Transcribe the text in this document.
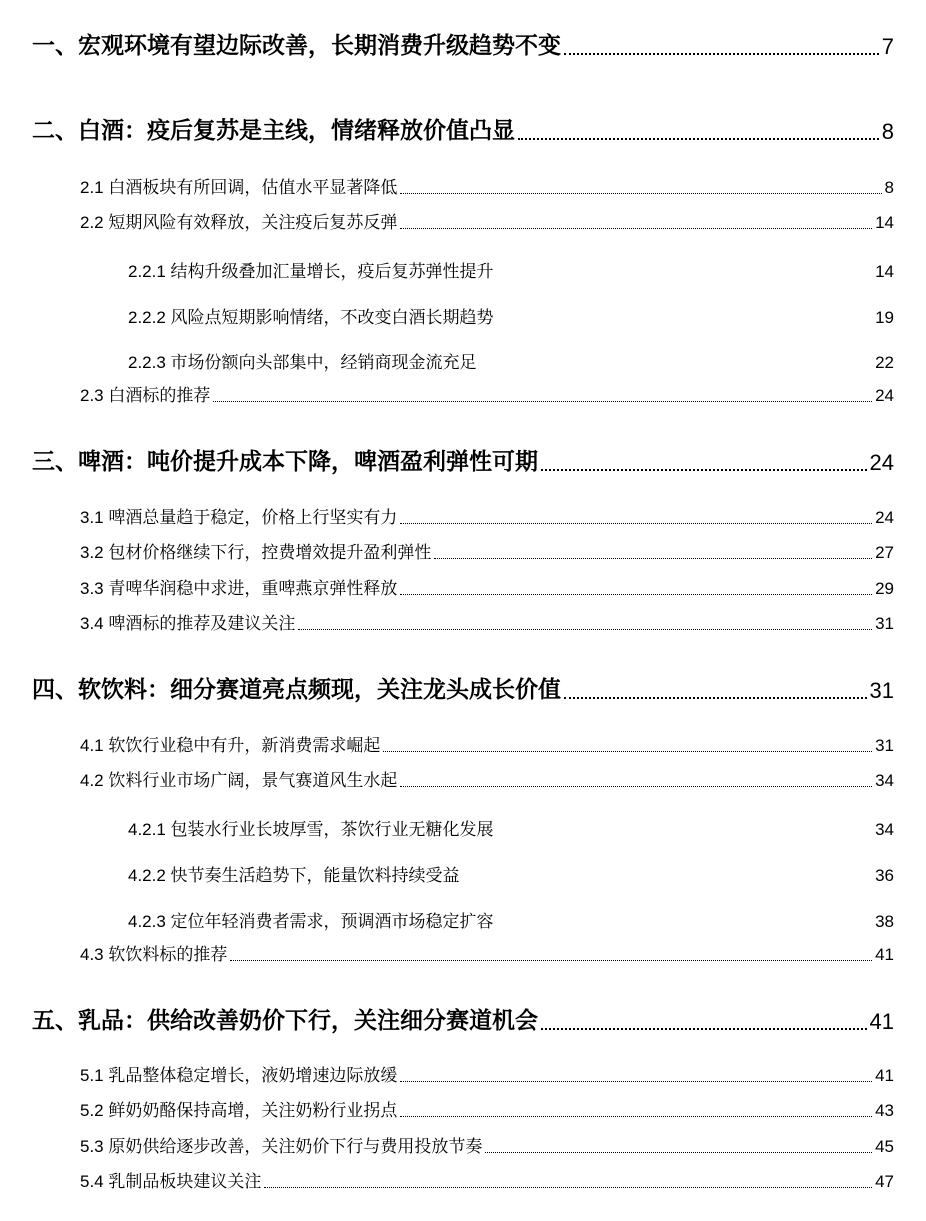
一、宏观环境有望边际改善，长期消费升级趋势不变	7
二、白酒：疫后复苏是主线，情绪释放价值凸显	8
2.1 白酒板块有所回调，估值水平显著降低	8
2.2 短期风险有效释放，关注疫后复苏反弹	14
2.2.1 结构升级叠加汇量增长，疫后复苏弹性提升	14
2.2.2 风险点短期影响情绪，不改变白酒长期趋势	19
2.2.3 市场份额向头部集中，经销商现金流充足	22
2.3 白酒标的推荐	24
三、啤酒：吨价提升成本下降，啤酒盈利弹性可期	24
3.1 啤酒总量趋于稳定，价格上行坚实有力	24
3.2 包材价格继续下行，控费增效提升盈利弹性	27
3.3 青啤华润稳中求进，重啤燕京弹性释放	29
3.4 啤酒标的推荐及建议关注	31
四、软饮料：细分赛道亮点频现，关注龙头成长价值	31
4.1 软饮行业稳中有升，新消费需求崛起	31
4.2 饮料行业市场广阔，景气赛道风生水起	34
4.2.1 包装水行业长坡厚雪，茶饮行业无糖化发展	34
4.2.2 快节奏生活趋势下，能量饮料持续受益	36
4.2.3 定位年轻消费者需求，预调酒市场稳定扩容	38
4.3 软饮料标的推荐	41
五、乳品：供给改善奶价下行，关注细分赛道机会	41
5.1 乳品整体稳定增长，液奶增速边际放缓	41
5.2 鲜奶奶酪保持高增，关注奶粉行业拐点	43
5.3 原奶供给逐步改善，关注奶价下行与费用投放节奏	45
5.4 乳制品板块建议关注	47
